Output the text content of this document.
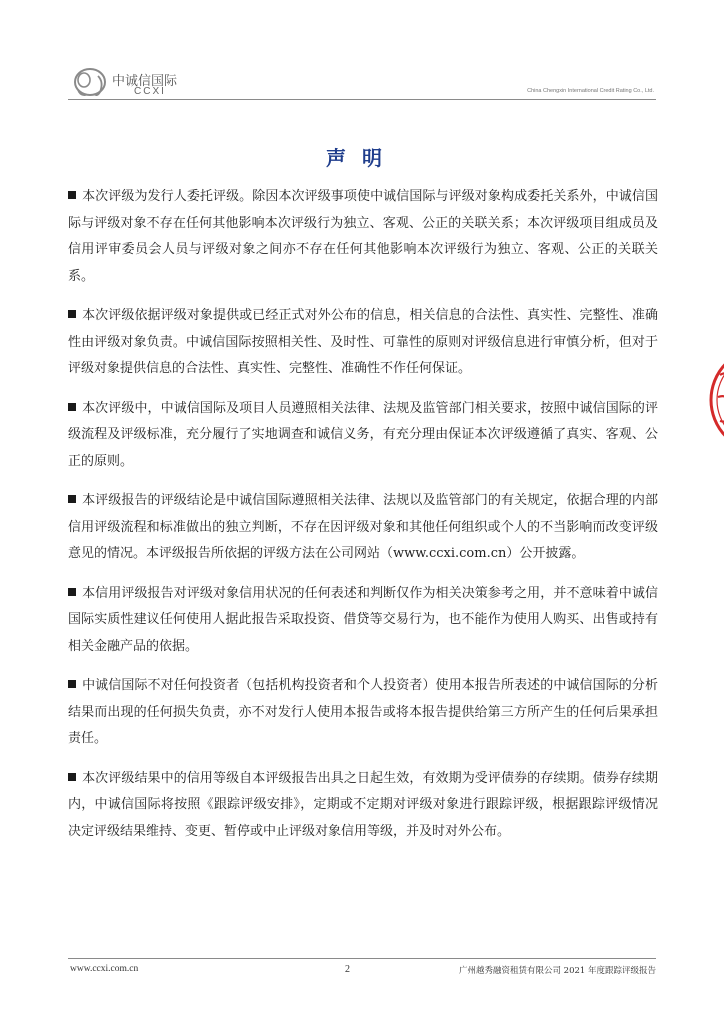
中诚信国际
CCXI	China Chengxin International Credit Rating Co., Ltd.
声明

本次评级为发行人委托评级。除因本次评级事项使中诚信国际与评级对象构成委托关系外，中诚信国际与评级对象不存在任何其他影响本次评级行为独立、客观、公正的关联关系；本次评级项目组成员及信用评审委员会人员与评级对象之间亦不存在任何其他影响本次评级行为独立、客观、公正的关联关系。

本次评级依据评级对象提供或已经正式对外公布的信息，相关信息的合法性、真实性、完整性、准确性由评级对象负责。中诚信国际按照相关性、及时性、可靠性的原则对评级信息进行审慎分析，但对于评级对象提供信息的合法性、真实性、完整性、准确性不作任何保证。

本次评级中，中诚信国际及项目人员遵照相关法律、法规及监管部门相关要求，按照中诚信国际的评级流程及评级标准，充分履行了实地调查和诚信义务，有充分理由保证本次评级遵循了真实、客观、公正的原则。

本评级报告的评级结论是中诚信国际遵照相关法律、法规以及监管部门的有关规定，依据合理的内部信用评级流程和标准做出的独立判断，不存在因评级对象和其他任何组织或个人的不当影响而改变评级意见的情况。本评级报告所依据的评级方法在公司网站（www.ccxi.com.cn）公开披露。

本信用评级报告对评级对象信用状况的任何表述和判断仅作为相关决策参考之用，并不意味着中诚信国际实质性建议任何使用人据此报告采取投资、借贷等交易行为，也不能作为使用人购买、出售或持有相关金融产品的依据。

中诚信国际不对任何投资者（包括机构投资者和个人投资者）使用本报告所表述的中诚信国际的分析结果而出现的任何损失负责，亦不对发行人使用本报告或将本报告提供给第三方所产生的任何后果承担责任。

本次评级结果中的信用等级自本评级报告出具之日起生效，有效期为受评债券的存续期。债券存续期内，中诚信国际将按照《跟踪评级安排》，定期或不定期对评级对象进行跟踪评级，根据跟踪评级情况决定评级结果维持、变更、暂停或中止评级对象信用等级，并及时对外公布。

www.ccxi.com.cn	2	广州越秀融资租赁有限公司 2021 年度跟踪评级报告
